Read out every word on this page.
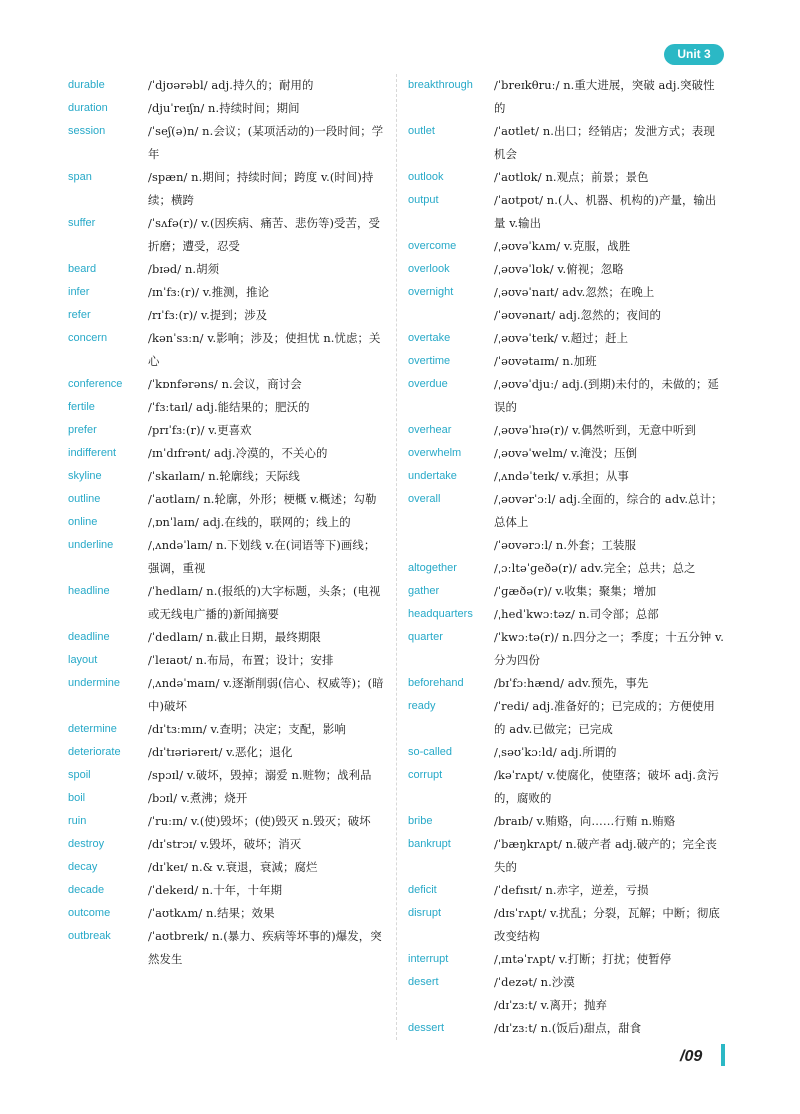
Unit 3
durable	/ˈdjʊərəbl/ adj.持久的；耐用的
duration	/djuˈreɪʃn/ n.持续时间；期间
session	/ˈseʃ(ə)n/ n.会议；(某项活动的)一段时间；学年
span	/spæn/ n.期间；持续时间；跨度 v.(时间)持续；横跨
suffer	/ˈsʌfə(r)/ v.(因疾病、痛苦、悲伤等)受苦，受折磨；遭受，忍受
beard	/bɪəd/ n.胡须
infer	/ɪnˈfɜː(r)/ v.推测，推论
refer	/rɪˈfɜː(r)/ v.提到；涉及
concern	/kənˈsɜːn/ v.影响；涉及；使担忧 n.忧虑；关心
conference	/ˈkɒnfərəns/ n.会议，商讨会
fertile	/ˈfɜːtaɪl/ adj.能结果的；肥沃的
prefer	/prɪˈfɜː(r)/ v.更喜欢
indifferent	/ɪnˈdɪfrənt/ adj.冷漠的，不关心的
skyline	/ˈskaɪlaɪn/ n.轮廓线；天际线
outline	/ˈaʊtlaɪn/ n.轮廓，外形；梗概 v.概述；勾勒
online	/ˌɒnˈlaɪn/ adj.在线的，联网的；线上的
underline	/ˌʌndəˈlaɪn/ n.下划线 v.在(词语等下)画线；强调，重视
headline	/ˈhedlaɪn/ n.(报纸的)大字标题，头条；(电视或无线电广播的)新闻摘要
deadline	/ˈdedlaɪn/ n.截止日期，最终期限
layout	/ˈleɪaʊt/ n.布局，布置；设计；安排
undermine	/ˌʌndəˈmaɪn/ v.逐渐削弱(信心、权威等)；(暗中)破坏
determine	/dɪˈtɜːmɪn/ v.查明；决定；支配，影响
deteriorate	/dɪˈtɪəriəreɪt/ v.恶化；退化
spoil	/spɔɪl/ v.破坏，毁掉；溺爱 n.赃物；战利品
boil	/bɔɪl/ v.煮沸；烧开
ruin	/ˈruːɪn/ v.(使)毁坏；(使)毁灭 n.毁灭；破坏
destroy	/dɪˈstrɔɪ/ v.毁坏，破坏；消灭
decay	/dɪˈkeɪ/ n.& v.衰退，衰減；腐烂
decade	/ˈdekeɪd/ n.十年，十年期
outcome	/ˈaʊtkʌm/ n.结果；效果
outbreak	/ˈaʊtbreɪk/ n.(暴力、疾病等坏事的)爆发，突然发生
breakthrough	/ˈbreɪkθruː/ n.重大进展，突破 adj.突破性的
outlet	/ˈaʊtlet/ n.出口；经销店；发泄方式；表现机会
outlook	/ˈaʊtlʊk/ n.观点；前景；景色
output	/ˈaʊtpʊt/ n.(人、机器、机构的)产量，输出量 v.输出
overcome	/ˌəʊvəˈkʌm/ v.克服，战胜
overlook	/ˌəʊvəˈlʊk/ v.俯视；忽略
overnight	/ˌəʊvəˈnaɪt/ adv.忽然；在晚上
/ˈəʊvənaɪt/ adj.忽然的；夜间的
overtake	/ˌəʊvəˈteɪk/ v.超过；赶上
overtime	/ˈəʊvətaɪm/ n.加班
overdue	/ˌəʊvəˈdjuː/ adj.(到期)未付的，未做的；延误的
overhear	/ˌəʊvəˈhɪə(r)/ v.偶然听到，无意中听到
overwhelm	/ˌəʊvəˈwelm/ v.淹没；压倒
undertake	/ˌʌndəˈteɪk/ v.承担；从事
overall	/ˌəʊvərˈɔːl/ adj.全面的，综合的 adv.总计；总体上
/ˈəʊvərɔːl/ n.外套；工装服
altogether	/ˌɔːltəˈɡeðə(r)/ adv.完全；总共；总之
gather	/ˈɡæðə(r)/ v.收集；聚集；增加
headquarters	/ˌhedˈkwɔːtəz/ n.司令部；总部
quarter	/ˈkwɔːtə(r)/ n.四分之一；季度；十五分钟 v.分为四份
beforehand	/bɪˈfɔːhænd/ adv.预先，事先
ready	/ˈredi/ adj.准备好的；已完成的；方便使用的 adv.已做完；已完成
so-called	/ˌsəʊˈkɔːld/ adj.所谓的
corrupt	/kəˈrʌpt/ v.使腐化，使堕落；破坏 adj.贪污的，腐败的
bribe	/braɪb/ v.贿赂，向……行贿 n.贿赂
bankrupt	/ˈbæŋkrʌpt/ n.破产者 adj.破产的；完全丧失的
deficit	/ˈdefɪsɪt/ n.赤字，逆差，亏损
disrupt	/dɪsˈrʌpt/ v.扰乱；分裂，瓦解；中断；彻底改变结构
interrupt	/ˌɪntəˈrʌpt/ v.打断；打扰；使暂停
desert	/ˈdezət/ n.沙漠
/dɪˈzɜːt/ v.离开；抛弃
dessert	/dɪˈzɜːt/ n.(饭后)甜点，甜食
/09
